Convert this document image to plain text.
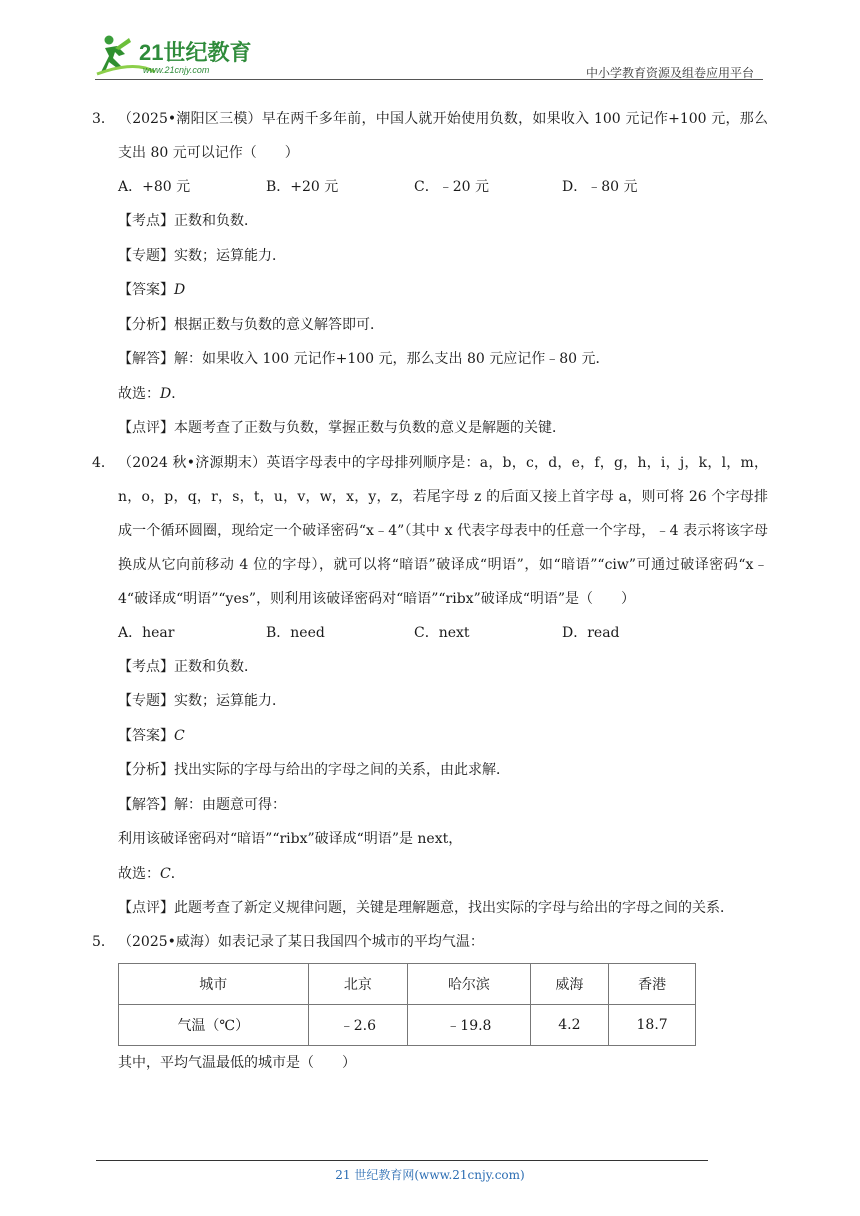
21世纪教育
www.21cnjy.com	中小学教育资源及组卷应用平台

3． （2025•潮阳区三模）早在两千多年前，中国人就开始使用负数，如果收入 100 元记作+100 元，那么支出 80 元可以记作（　　）

A．+80 元	B．+20 元	C．﹣20 元	D．﹣80 元

【考点】正数和负数．

【专题】实数；运算能力．

【答案】D

【分析】根据正数与负数的意义解答即可．

【解答】解：如果收入 100 元记作+100 元，那么支出 80 元应记作﹣80 元．

故选：D．

【点评】本题考查了正数与负数，掌握正数与负数的意义是解题的关键．

4． （2024 秋•济源期末）英语字母表中的字母排列顺序是：a，b，c，d，e，f，g，h，i，j，k，l，m，n，o，p，q，r，s，t，u，v，w，x，y，z，若尾字母 z 的后面又接上首字母 a，则可将 26 个字母排成一个循环圆圈，现给定一个破译密码“x﹣4”（其中 x 代表字母表中的任意一个字母，﹣4 表示将该字母换成从它向前移动 4 位的字母），就可以将“暗语”破译成“明语”，如“暗语”“ciw”可通过破译密码“x﹣4“破译成“明语”“yes”，则利用该破译密码对“暗语”“ribx”破译成“明语”是（　　）

A．hear	B．need	C．next	D．read

【考点】正数和负数．

【专题】实数；运算能力．

【答案】C

【分析】找出实际的字母与给出的字母之间的关系，由此求解．

【解答】解：由题意可得：

利用该破译密码对“暗语”“ribx”破译成“明语”是 next，

故选：C．

【点评】此题考查了新定义规律问题，关键是理解题意，找出实际的字母与给出的字母之间的关系．

5． （2025•威海）如表记录了某日我国四个城市的平均气温：

城市	北京	哈尔滨	威海	香港
气温（℃）	﹣2.6	﹣19.8	4.2	18.7

其中，平均气温最低的城市是（　　）

21 世纪教育网(www.21cnjy.com)
